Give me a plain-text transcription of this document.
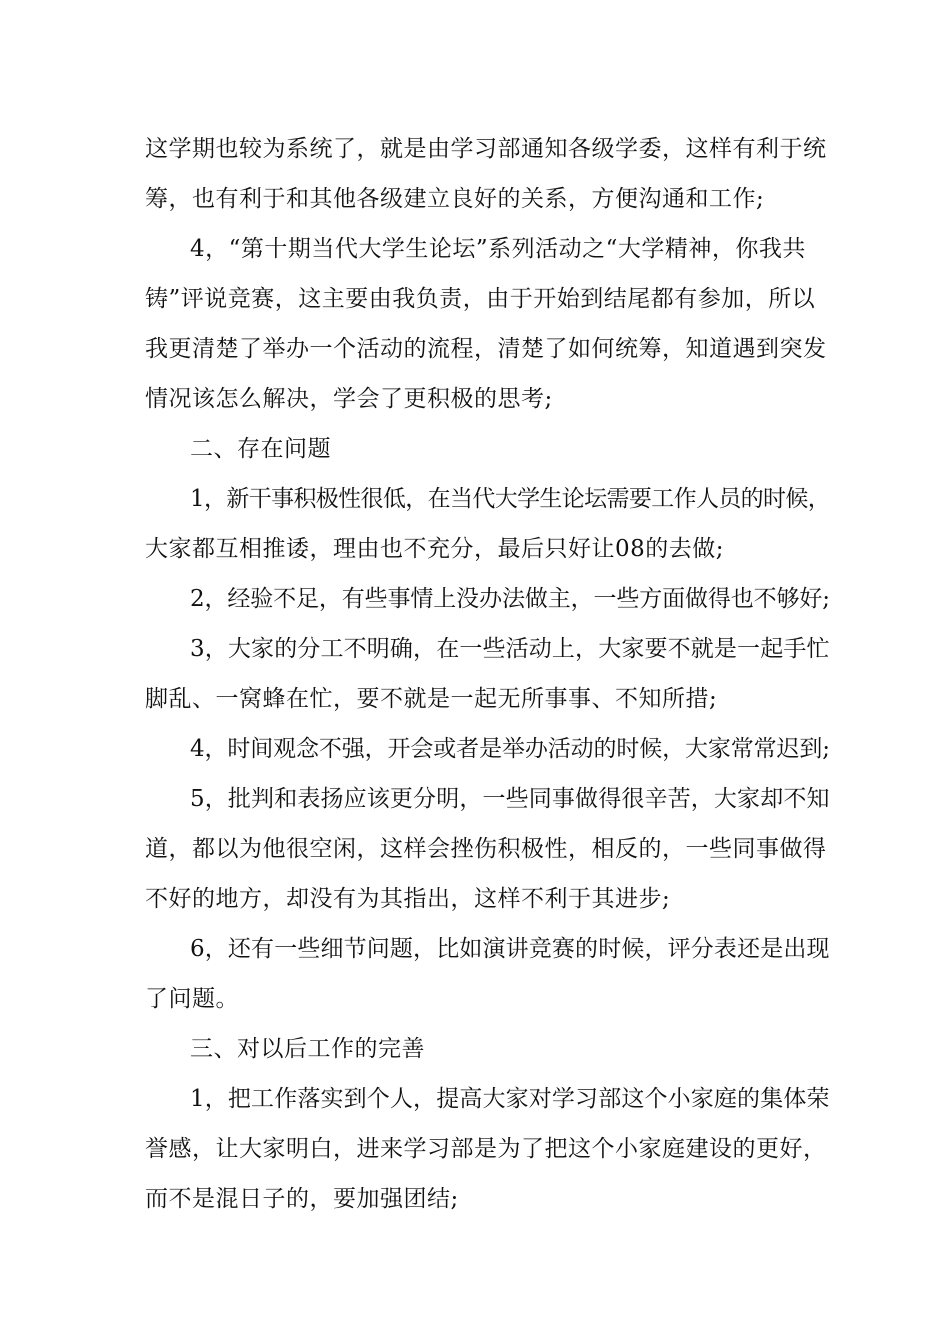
这学期也较为系统了，就是由学习部通知各级学委，这样有利于统
筹，也有利于和其他各级建立良好的关系，方便沟通和工作;
4，“第十期当代大学生论坛”系列活动之“大学精神，你我共
铸”评说竞赛，这主要由我负责，由于开始到结尾都有参加，所以
我更清楚了举办一个活动的流程，清楚了如何统筹，知道遇到突发
情况该怎么解决，学会了更积极的思考;
二、存在问题
1，新干事积极性很低，在当代大学生论坛需要工作人员的时候，
大家都互相推诿，理由也不充分，最后只好让08的去做;
2，经验不足，有些事情上没办法做主，一些方面做得也不够好;
3，大家的分工不明确，在一些活动上，大家要不就是一起手忙
脚乱、一窝蜂在忙，要不就是一起无所事事、不知所措;
4，时间观念不强，开会或者是举办活动的时候，大家常常迟到;
5，批判和表扬应该更分明，一些同事做得很辛苦，大家却不知
道，都以为他很空闲，这样会挫伤积极性，相反的，一些同事做得
不好的地方，却没有为其指出，这样不利于其进步;
6，还有一些细节问题，比如演讲竞赛的时候，评分表还是出现
了问题。
三、对以后工作的完善
1，把工作落实到个人，提高大家对学习部这个小家庭的集体荣
誉感，让大家明白，进来学习部是为了把这个小家庭建设的更好，
而不是混日子的，要加强团结;
